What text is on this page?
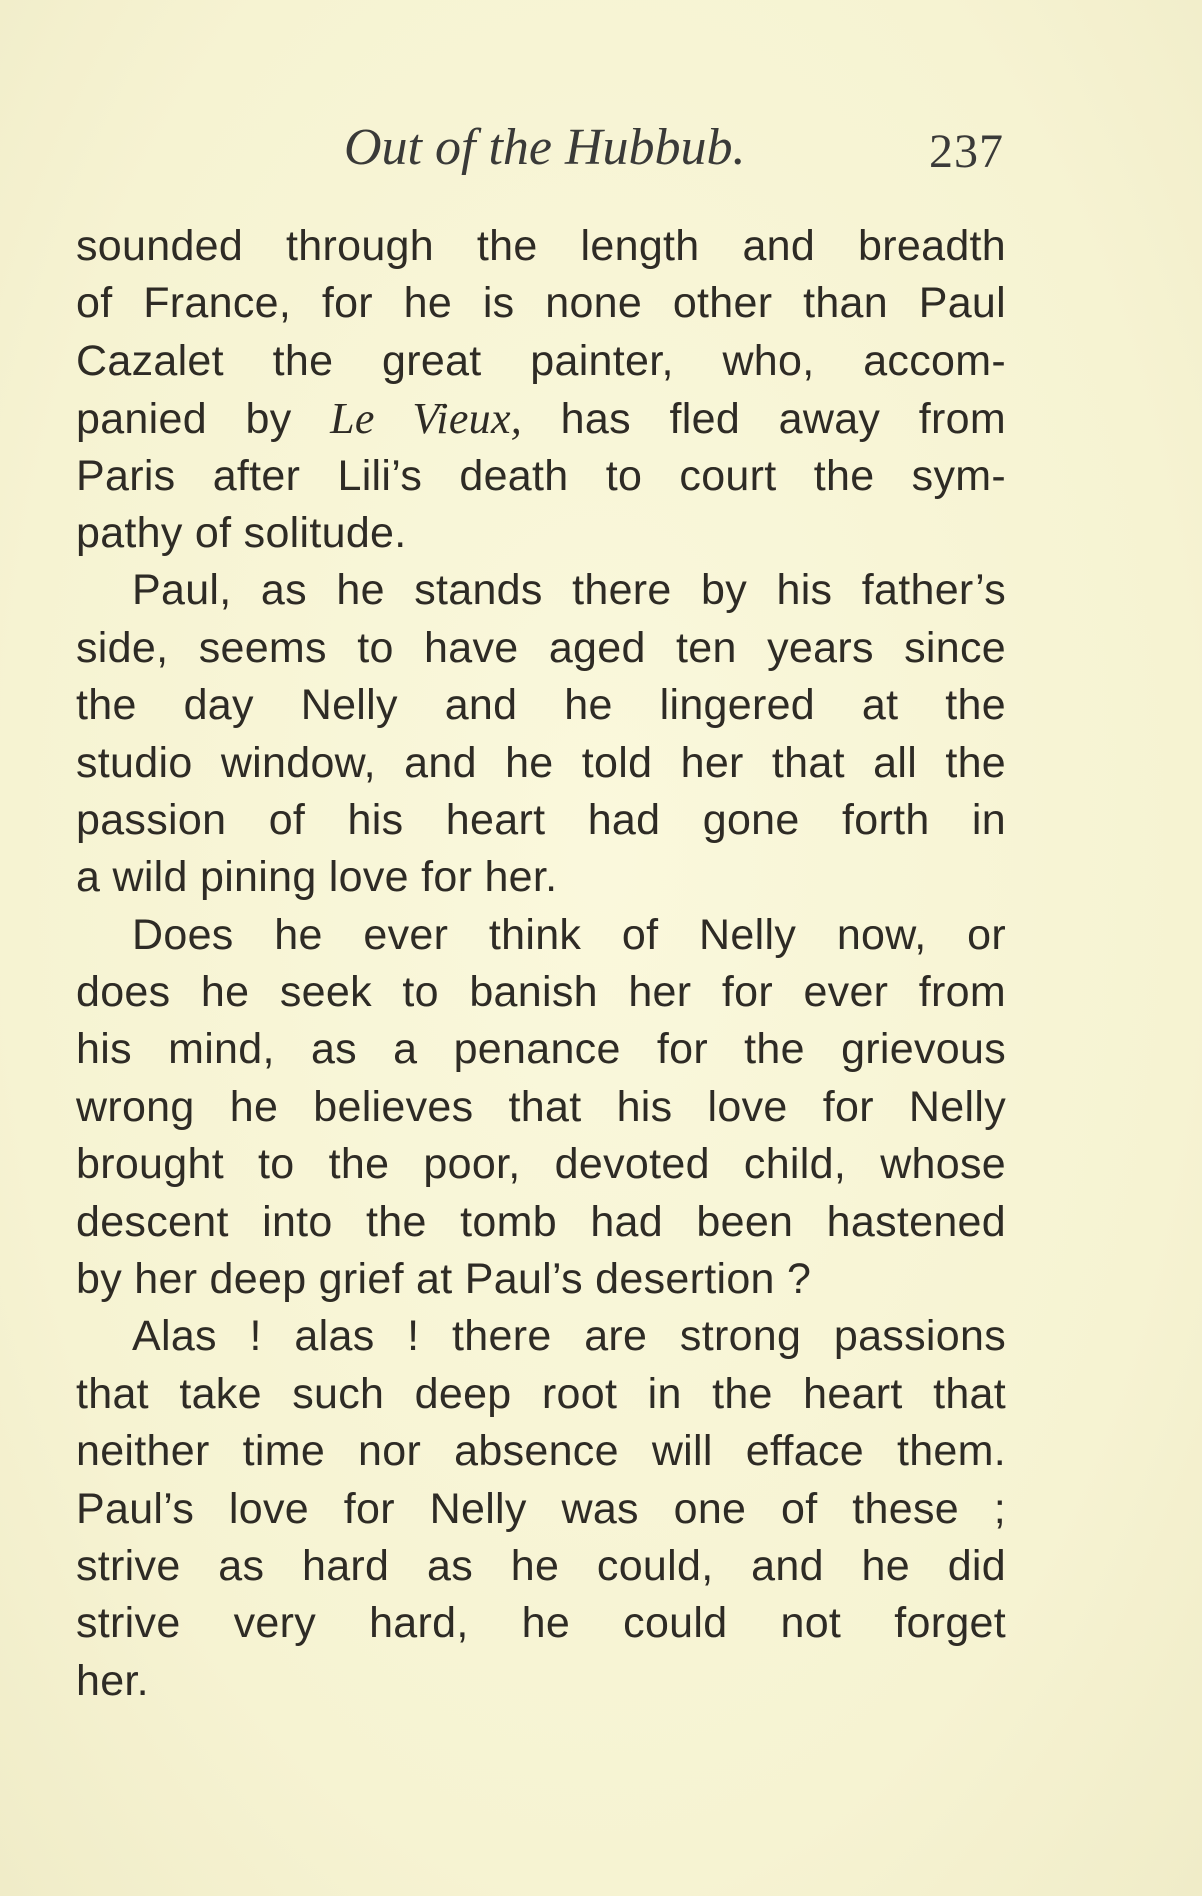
Out of the Hubbub.	237
sounded through the length and breadth
of France, for he is none other than Paul
Cazalet the great painter, who, accom-
panied by Le Vieux, has fled away from
Paris after Lili’s death to court the sym-
pathy of solitude.
Paul, as he stands there by his father’s
side, seems to have aged ten years since
the day Nelly and he lingered at the
studio window, and he told her that all the
passion of his heart had gone forth in
a wild pining love for her.
Does he ever think of Nelly now, or
does he seek to banish her for ever from
his mind, as a penance for the grievous
wrong he believes that his love for Nelly
brought to the poor, devoted child, whose
descent into the tomb had been hastened
by her deep grief at Paul’s desertion ?
Alas ! alas ! there are strong passions
that take such deep root in the heart that
neither time nor absence will efface them.
Paul’s love for Nelly was one of these ;
strive as hard as he could, and he did
strive very hard, he could not forget
her.
